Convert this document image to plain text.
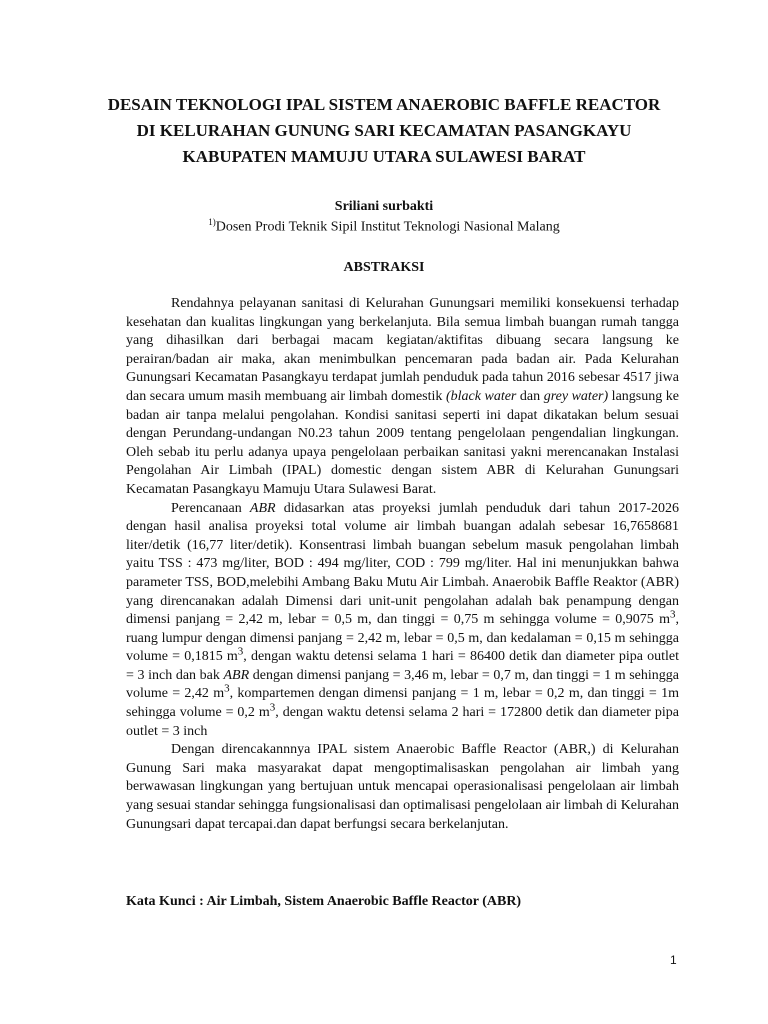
DESAIN TEKNOLOGI IPAL SISTEM ANAEROBIC BAFFLE REACTOR
DI KELURAHAN GUNUNG SARI KECAMATAN PASANGKAYU
KABUPATEN MAMUJU UTARA SULAWESI BARAT
Sriliani surbakti
$^{1)}$Dosen Prodi Teknik Sipil Institut Teknologi Nasional Malang
ABSTRAKSI

Rendahnya pelayanan sanitasi di Kelurahan Gunungsari memiliki konsekuensi terhadap kesehatan dan kualitas lingkungan yang berkelanjuta. Bila semua limbah buangan rumah tangga yang dihasilkan dari berbagai macam kegiatan/aktifitas dibuang secara langsung ke perairan/badan air maka, akan menimbulkan pencemaran pada badan air. Pada Kelurahan Gunungsari Kecamatan Pasangkayu terdapat jumlah penduduk pada tahun 2016 sebesar 4517 jiwa dan secara umum masih membuang air limbah domestik (black water dan grey water) langsung ke badan air tanpa melalui pengolahan. Kondisi sanitasi seperti ini dapat dikatakan belum sesuai dengan Perundang-undangan N0.23 tahun 2009 tentang pengelolaan pengendalian lingkungan. Oleh sebab itu perlu adanya upaya pengelolaan perbaikan sanitasi yakni merencanakan Instalasi Pengolahan Air Limbah (IPAL) domestic dengan sistem ABR di Kelurahan Gunungsari Kecamatan Pasangkayu Mamuju Utara Sulawesi Barat.

Perencanaan ABR didasarkan atas proyeksi jumlah penduduk dari tahun 2017-2026 dengan hasil analisa proyeksi total volume air limbah buangan adalah sebesar 16,7658681 liter/detik (16,77 liter/detik). Konsentrasi limbah buangan sebelum masuk pengolahan limbah yaitu TSS : 473 mg/liter, BOD : 494 mg/liter, COD : 799 mg/liter. Hal ini menunjukkan bahwa parameter TSS, BOD,melebihi Ambang Baku Mutu Air Limbah. Anaerobik Baffle Reaktor (ABR) yang direncanakan adalah Dimensi dari unit-unit pengolahan adalah bak penampung dengan dimensi panjang = 2,42 m, lebar = 0,5 m, dan tinggi = 0,75 m sehingga volume = 0,9075 $m^3$, ruang lumpur dengan dimensi panjang = 2,42 m, lebar = 0,5 m, dan kedalaman = 0,15 m sehingga volume = 0,1815 $m^3$, dengan waktu detensi selama 1 hari = 86400 detik dan diameter pipa outlet = 3 inch dan bak ABR dengan dimensi panjang = 3,46 m, lebar = 0,7 m, dan tinggi = 1 m sehingga volume = 2,42 $m^3$, kompartemen dengan dimensi panjang = 1 m, lebar = 0,2 m, dan tinggi = 1m sehingga volume = 0,2 $m^3$, dengan waktu detensi selama 2 hari = 172800 detik dan diameter pipa outlet = 3 inch

Dengan direncakannnya IPAL sistem Anaerobic Baffle Reactor (ABR,) di Kelurahan Gunung Sari maka masyarakat dapat mengoptimalisaskan pengolahan air limbah yang berwawasan lingkungan yang bertujuan untuk mencapai operasionalisasi pengelolaan air limbah yang sesuai standar sehingga fungsionalisasi dan optimalisasi pengelolaan air limbah di Kelurahan Gunungsari dapat tercapai.dan dapat berfungsi secara berkelanjutan.

Kata Kunci : Air Limbah, Sistem Anaerobic Baffle Reactor (ABR)
1
